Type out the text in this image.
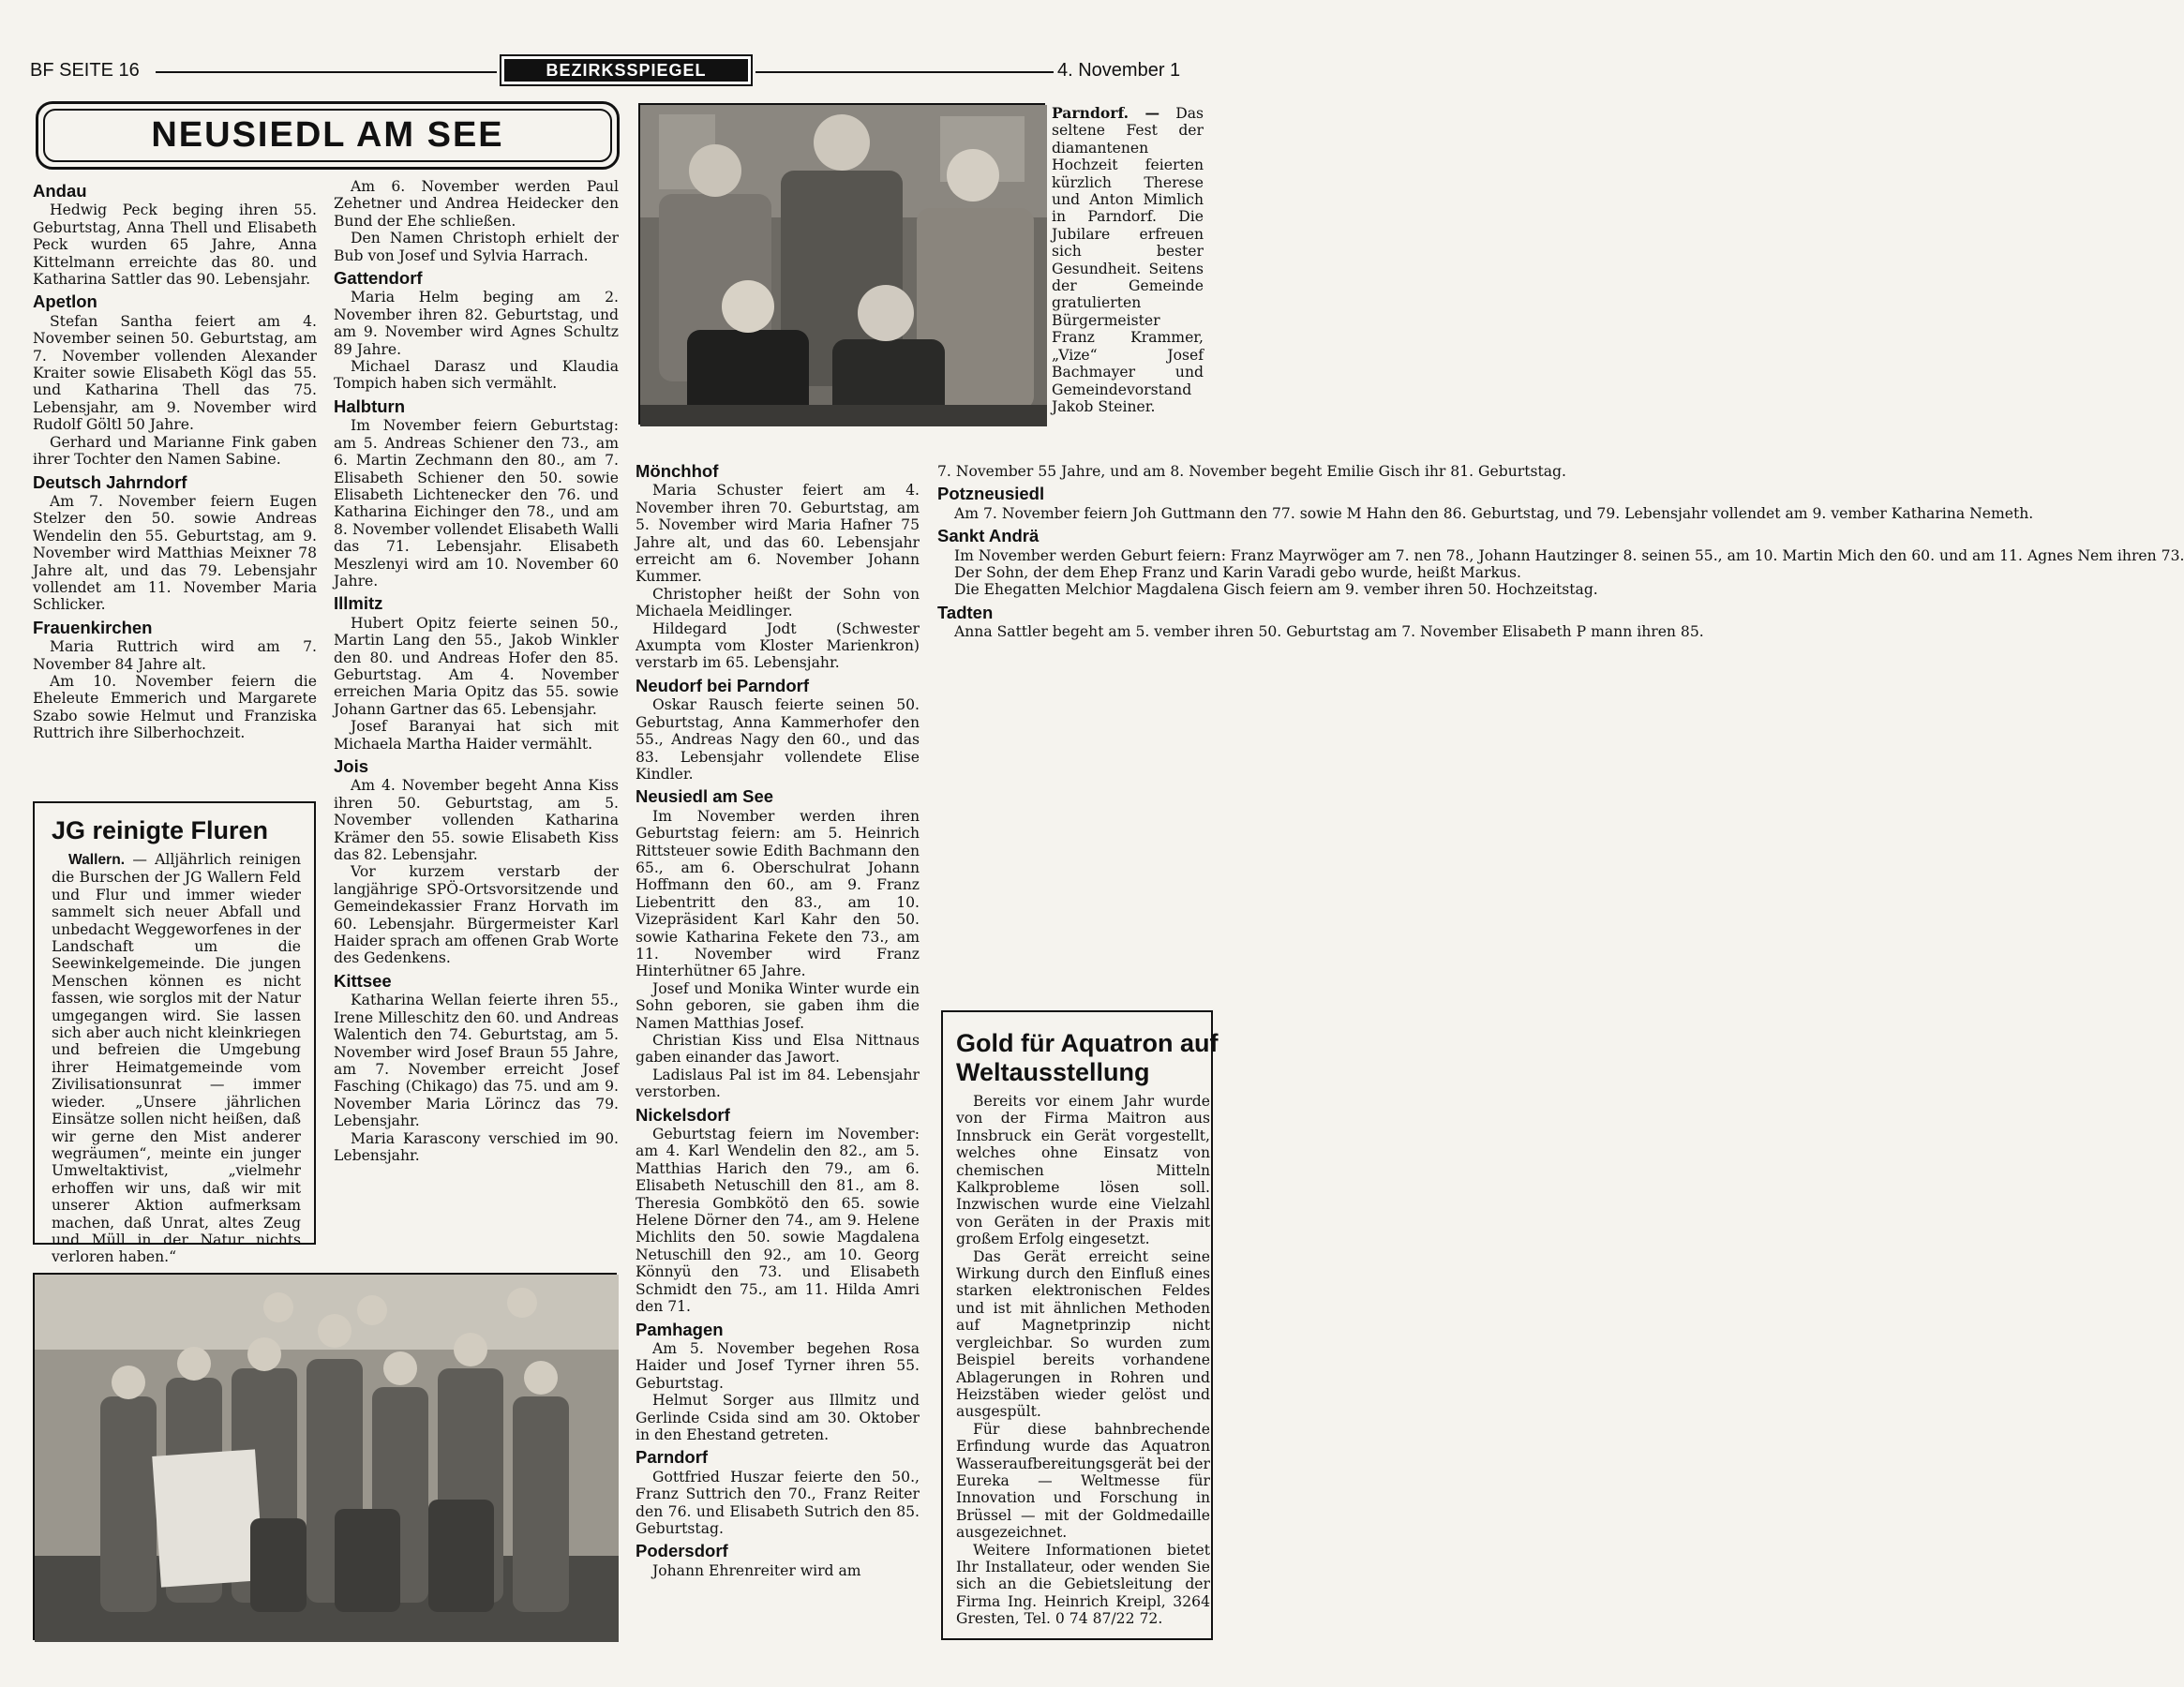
BF SEITE 16	BEZIRKSSPIEGEL	4. November 1
NEUSIEDL AM SEE
Andau

Hedwig Peck beging ihren 55. Geburtstag, Anna Thell und Elisabeth Peck wurden 65 Jahre, Anna Kittelmann erreichte das 80. und Katharina Sattler das 90. Lebensjahr.

Apetlon

Stefan Santha feiert am 4. November seinen 50. Geburtstag, am 7. November vollenden Alexander Kraiter sowie Elisabeth Kögl das 55. und Katharina Thell das 75. Lebensjahr, am 9. November wird Rudolf Göltl 50 Jahre.

Gerhard und Marianne Fink gaben ihrer Tochter den Namen Sabine.

Deutsch Jahrndorf

Am 7. November feiern Eugen Stelzer den 50. sowie Andreas Wendelin den 55. Geburtstag, am 9. November wird Matthias Meixner 78 Jahre alt, und das 79. Lebensjahr vollendet am 11. November Maria Schlicker.

Frauenkirchen

Maria Ruttrich wird am 7. November 84 Jahre alt.

Am 10. November feiern die Eheleute Emmerich und Margarete Szabo sowie Helmut und Franziska Ruttrich ihre Silberhochzeit.

Am 6. November werden Paul Zehetner und Andrea Heidecker den Bund der Ehe schließen.

Den Namen Christoph erhielt der Bub von Josef und Sylvia Harrach.

Gattendorf

Maria Helm beging am 2. November ihren 82. Geburtstag, und am 9. November wird Agnes Schultz 89 Jahre.

Michael Darasz und Klaudia Tompich haben sich vermählt.

Halbturn

Im November feiern Geburtstag: am 5. Andreas Schiener den 73., am 6. Martin Zechmann den 80., am 7. Elisabeth Schiener den 50. sowie Elisabeth Lichtenecker den 76. und Katharina Eichinger den 78., und am 8. November vollendet Elisabeth Walli das 71. Lebensjahr. Elisabeth Meszlenyi wird am 10. November 60 Jahre.

Illmitz

Hubert Opitz feierte seinen 50., Martin Lang den 55., Jakob Winkler den 80. und Andreas Hofer den 85. Geburtstag. Am 4. November erreichen Maria Opitz das 55. sowie Johann Gartner das 65. Lebensjahr.

Josef Baranyai hat sich mit Michaela Martha Haider vermählt.

Jois

Am 4. November begeht Anna Kiss ihren 50. Geburtstag, am 5. November vollenden Katharina Krämer den 55. sowie Elisabeth Kiss das 82. Lebensjahr.

Vor kurzem verstarb der langjährige SPÖ-Ortsvorsitzende und Gemeindekassier Franz Horvath im 60. Lebensjahr. Bürgermeister Karl Haider sprach am offenen Grab Worte des Gedenkens.

Kittsee

Katharina Wellan feierte ihren 55., Irene Milleschitz den 60. und Andreas Walentich den 74. Geburtstag, am 5. November wird Josef Braun 55 Jahre, am 7. November erreicht Josef Fasching (Chikago) das 75. und am 9. November Maria Lörincz das 79. Lebensjahr.

Maria Karascony verschied im 90. Lebensjahr.

Mönchhof

Maria Schuster feiert am 4. November ihren 70. Geburtstag, am 5. November wird Maria Hafner 75 Jahre alt, und das 60. Lebensjahr erreicht am 6. November Johann Kummer.

Christopher heißt der Sohn von Michaela Meidlinger.

Hildegard Jodt (Schwester Axumpta vom Kloster Marienkron) verstarb im 65. Lebensjahr.

Neudorf bei Parndorf

Oskar Rausch feierte seinen 50. Geburtstag, Anna Kammerhofer den 55., Andreas Nagy den 60., und das 83. Lebensjahr vollendete Elise Kindler.

Neusiedl am See

Im November werden ihren Geburtstag feiern: am 5. Heinrich Rittsteuer sowie Edith Bachmann den 65., am 6. Oberschulrat Johann Hoffmann den 60., am 9. Franz Liebentritt den 83., am 10. Vizepräsident Karl Kahr den 50. sowie Katharina Fekete den 73., am 11. November wird Franz Hinterhütner 65 Jahre.

Josef und Monika Winter wurde ein Sohn geboren, sie gaben ihm die Namen Matthias Josef.

Christian Kiss und Elsa Nittnaus gaben einander das Jawort.

Ladislaus Pal ist im 84. Lebensjahr verstorben.

Nickelsdorf

Geburtstag feiern im November: am 4. Karl Wendelin den 82., am 5. Matthias Harich den 79., am 6. Elisabeth Netuschill den 81., am 8. Theresia Gombkötö den 65. sowie Helene Dörner den 74., am 9. Helene Michlits den 50. sowie Magdalena Netuschill den 92., am 10. Georg Könnyü den 73. und Elisabeth Schmidt den 75., am 11. Hilda Amri den 71.

Pamhagen

Am 5. November begehen Rosa Haider und Josef Tyrner ihren 55. Geburtstag.

Helmut Sorger aus Illmitz und Gerlinde Csida sind am 30. Oktober in den Ehestand getreten.

Parndorf

Gottfried Huszar feierte den 50., Franz Suttrich den 70., Franz Reiter den 76. und Elisabeth Sutrich den 85. Geburtstag.

Podersdorf

Johann Ehrenreiter wird am

7. November 55 Jahre, und am 8. November begeht Emilie Gisch ihr 81. Geburtstag.

Potzneusiedl

Am 7. November feiern Joh Guttmann den 77. sowie M Hahn den 86. Geburtstag, und 79. Lebensjahr vollendet am 9. vember Katharina Nemeth.

Sankt Andrä

Im November werden Geburt feiern: Franz Mayrwöger am 7. nen 78., Johann Hautzinger 8. seinen 55., am 10. Martin Mich den 60. und am 11. Agnes Nem ihren 73.

Der Sohn, der dem Ehep Franz und Karin Varadi gebo wurde, heißt Markus.

Die Ehegatten Melchior Magdalena Gisch feiern am 9. vember ihren 50. Hochzeitstag.

Tadten

Anna Sattler begeht am 5. vember ihren 50. Geburtstag am 7. November Elisabeth P mann ihren 85.

Parndorf. — Das seltene Fest der diamantenen Hochzeit feierten kürzlich Therese und Anton Mimlich in Parndorf. Die Jubilare erfreuen sich bester Gesundheit. Seitens der Gemeinde gratulierten Bürgermeister Franz Krammer, „Vize“ Josef Bachmayer und Gemeindevorstand Jakob Steiner.

JG reinigte Fluren

Wallern. — Alljährlich reinigen die Burschen der JG Wallern Feld und Flur und immer wieder sammelt sich neuer Abfall und unbedacht Weggeworfenes in der Landschaft um die Seewinkelgemeinde. Die jungen Menschen können es nicht fassen, wie sorglos mit der Natur umgegangen wird. Sie lassen sich aber auch nicht kleinkriegen und befreien die Umgebung ihrer Heimatgemeinde vom Zivilisationsunrat — immer wieder. „Unsere jährlichen Einsätze sollen nicht heißen, daß wir gerne den Mist anderer wegräumen“, meinte ein junger Umweltaktivist, „vielmehr erhoffen wir uns, daß wir mit unserer Aktion aufmerksam machen, daß Unrat, altes Zeug und Müll in der Natur nichts verloren haben.“

Gold für Aquatron auf Weltausstellung

Bereits vor einem Jahr wurde von der Firma Maitron aus Innsbruck ein Gerät vorgestellt, welches ohne Einsatz von chemischen Mitteln Kalkprobleme lösen soll. Inzwischen wurde eine Vielzahl von Geräten in der Praxis mit großem Erfolg eingesetzt.

Das Gerät erreicht seine Wirkung durch den Einfluß eines starken elektronischen Feldes und ist mit ähnlichen Methoden auf Magnetprinzip nicht vergleichbar. So wurden zum Beispiel bereits vorhandene Ablagerungen in Rohren und Heizstäben wieder gelöst und ausgespült.

Für diese bahnbrechende Erfindung wurde das Aquatron Wasseraufbereitungsgerät bei der Eureka — Weltmesse für Innovation und Forschung in Brüssel — mit der Goldmedaille ausgezeichnet.

Weitere Informationen bietet Ihr Installateur, oder wenden Sie sich an die Gebietsleitung der Firma Ing. Heinrich Kreipl, 3264 Gresten, Tel. 0 74 87/22 72.
